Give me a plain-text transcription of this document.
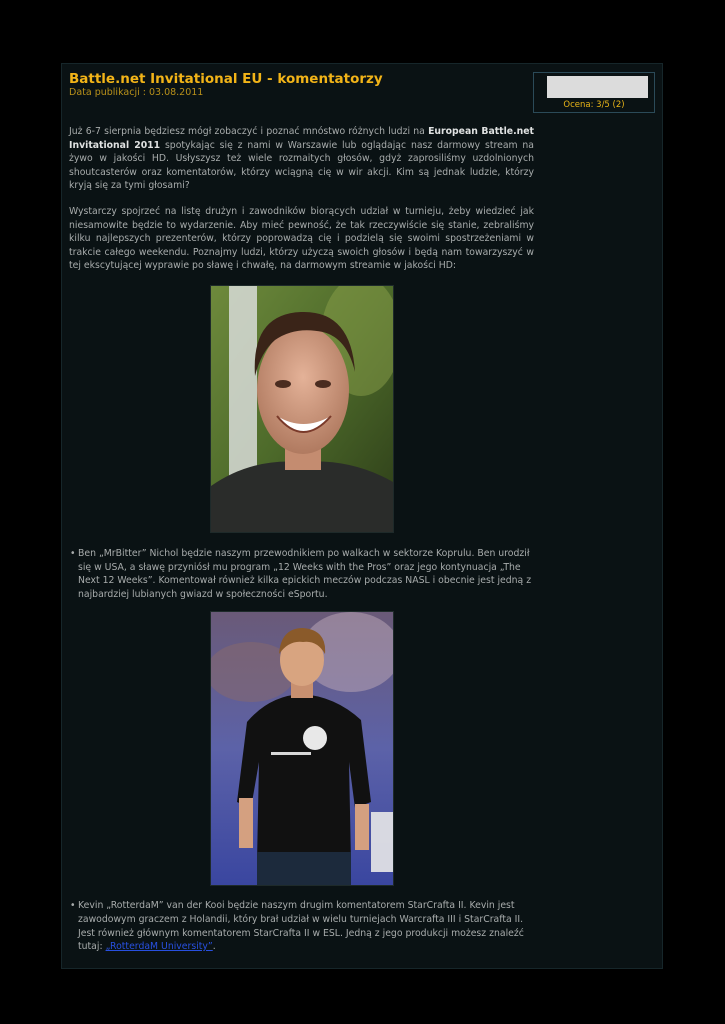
Battle.net Invitational EU - komentatorzy
Data publikacji : 03.08.2011
Ocena: 3/5 (2)

Już 6-7 sierpnia będziesz mógł zobaczyć i poznać mnóstwo różnych ludzi na European Battle.net Invitational 2011 spotykając się z nami w Warszawie lub oglądając nasz darmowy stream na żywo w jakości HD. Usłyszysz też wiele rozmaitych głosów, gdyż zaprosiliśmy uzdolnionych shoutcasterów oraz komentatorów, którzy wciągną cię w wir akcji. Kim są jednak ludzie, którzy kryją się za tymi głosami?

Wystarczy spojrzeć na listę drużyn i zawodników biorących udział w turnieju, żeby wiedzieć jak niesamowite będzie to wydarzenie. Aby mieć pewność, że tak rzeczywiście się stanie, zebraliśmy kilku najlepszych prezenterów, którzy poprowadzą cię i podzielą się swoimi spostrzeżeniami w trakcie całego weekendu. Poznajmy ludzi, którzy użyczą swoich głosów i będą nam towarzyszyć w tej ekscytującej wyprawie po sławę i chwałę, na darmowym streamie w jakości HD:

• Ben „MrBitter” Nichol będzie naszym przewodnikiem po walkach w sektorze Koprulu. Ben urodził się w USA, a sławę przyniósł mu program „12 Weeks with the Pros” oraz jego kontynuacja „The Next 12 Weeks”. Komentował również kilka epickich meczów podczas NASL i obecnie jest jedną z najbardziej lubianych gwiazd w społeczności eSportu.
• Kevin „RotterdaM” van der Kooi będzie naszym drugim komentatorem StarCrafta II. Kevin jest zawodowym graczem z Holandii, który brał udział w wielu turniejach Warcrafta III i StarCrafta II. Jest również głównym komentatorem StarCrafta II w ESL. Jedną z jego produkcji możesz znaleźć tutaj: „RotterdaM University”.
